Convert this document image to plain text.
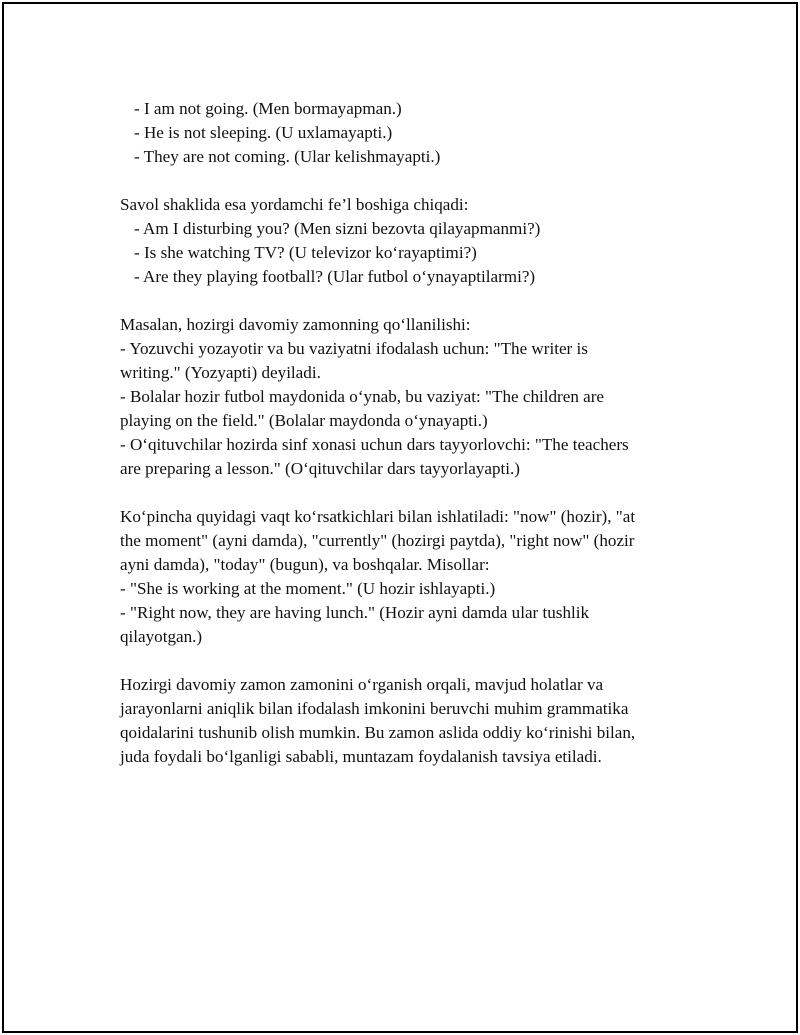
- I am not going. (Men bormayapman.)
- He is not sleeping. (U uxlamayapti.)
- They are not coming. (Ular kelishmayapti.)
Savol shaklida esa yordamchi fe’l boshiga chiqadi:
- Am I disturbing you? (Men sizni bezovta qilayapmanmi?)
- Is she watching TV? (U televizor ko‘rayaptimi?)
- Are they playing football? (Ular futbol o‘ynayaptilarmi?)
Masalan, hozirgi davomiy zamonning qo‘llanilishi:
- Yozuvchi yozayotir va bu vaziyatni ifodalash uchun: "The writer is
writing." (Yozyapti) deyiladi.
- Bolalar hozir futbol maydonida o‘ynab, bu vaziyat: "The children are
playing on the field." (Bolalar maydonda o‘ynayapti.)
- O‘qituvchilar hozirda sinf xonasi uchun dars tayyorlovchi: "The teachers
are preparing a lesson." (O‘qituvchilar dars tayyorlayapti.)
Ko‘pincha quyidagi vaqt ko‘rsatkichlari bilan ishlatiladi: "now" (hozir), "at
the moment" (ayni damda), "currently" (hozirgi paytda), "right now" (hozir
ayni damda), "today" (bugun), va boshqalar. Misollar:
- "She is working at the moment." (U hozir ishlayapti.)
- "Right now, they are having lunch." (Hozir ayni damda ular tushlik
qilayotgan.)
Hozirgi davomiy zamon zamonini o‘rganish orqali, mavjud holatlar va
jarayonlarni aniqlik bilan ifodalash imkonini beruvchi muhim grammatika
qoidalarini tushunib olish mumkin. Bu zamon aslida oddiy ko‘rinishi bilan,
juda foydali bo‘lganligi sababli, muntazam foydalanish tavsiya etiladi.
